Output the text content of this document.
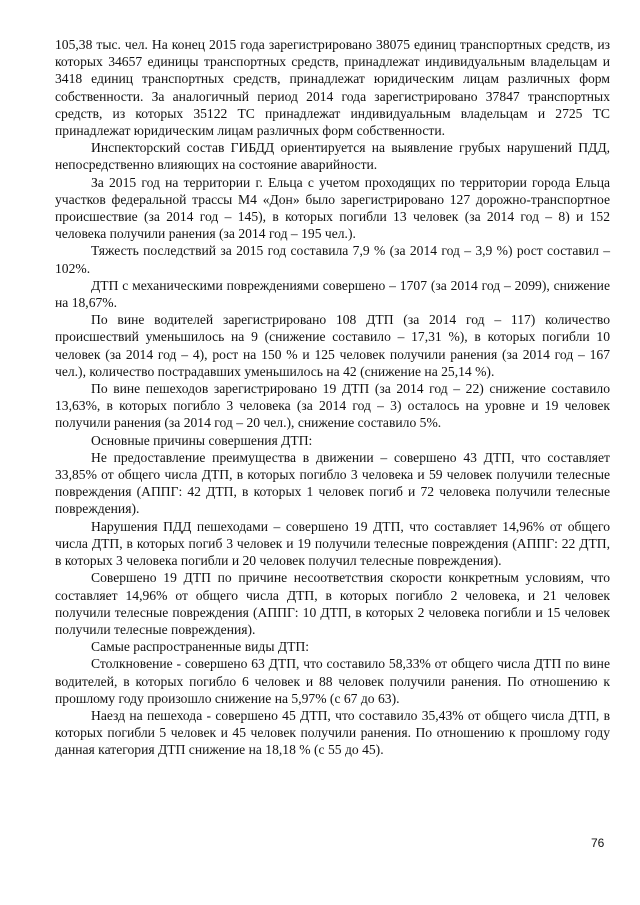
105,38 тыс. чел. На конец 2015 года зарегистрировано 38075 единиц транспортных средств, из которых 34657 единицы транспортных средств, принадлежат индивидуальным владельцам и 3418 единиц транспортных средств, принадлежат юридическим лицам различных форм собственности. За аналогичный период 2014 года зарегистрировано 37847 транспортных средств, из которых 35122 ТС принадлежат индивидуальным владельцам и 2725 ТС принадлежат юридическим лицам различных форм собственности.

Инспекторский состав ГИБДД ориентируется на выявление грубых нарушений ПДД, непосредственно влияющих на состояние аварийности.

За 2015 год на территории г. Ельца с учетом проходящих по территории города Ельца участков федеральной трассы М4 «Дон» было зарегистрировано 127 дорожно-транспортное происшествие (за 2014 год – 145), в которых погибли 13 человек (за 2014 год – 8) и 152 человека получили ранения (за 2014 год – 195 чел.).

Тяжесть последствий за 2015 год составила 7,9 % (за 2014 год – 3,9 %) рост составил – 102%.

ДТП с механическими повреждениями совершено – 1707 (за 2014 год – 2099), снижение на 18,67%.

По вине водителей зарегистрировано 108 ДТП (за 2014 год – 117) количество происшествий уменьшилось на 9 (снижение составило – 17,31 %), в которых погибли 10 человек (за 2014 год – 4), рост на 150 % и 125 человек получили ранения (за 2014 год – 167 чел.), количество пострадавших уменьшилось на 42 (снижение на 25,14 %).

По вине пешеходов зарегистрировано 19 ДТП (за 2014 год – 22) снижение составило 13,63%, в которых погибло 3 человека (за 2014 год – 3) осталось на уровне и 19 человек получили ранения (за 2014 год – 20 чел.), снижение составило 5%.

Основные причины совершения ДТП:

Не предоставление преимущества в движении – совершено 43 ДТП, что составляет 33,85% от общего числа ДТП, в которых погибло 3 человека и 59 человек получили телесные повреждения (АППГ: 42 ДТП, в которых 1 человек погиб и 72 человека получили телесные повреждения).

Нарушения ПДД пешеходами – совершено 19 ДТП, что составляет 14,96% от общего числа ДТП, в которых погиб 3 человек и 19 получили телесные повреждения (АППГ: 22 ДТП, в которых 3 человека погибли и 20 человек получил телесные повреждения).

Совершено 19 ДТП по причине несоответствия скорости конкретным условиям, что составляет 14,96% от общего числа ДТП, в которых погибло 2 человека, и 21 человек получили телесные повреждения (АППГ: 10 ДТП, в которых 2 человека погибли и 15 человек получили телесные повреждения).

Самые распространенные виды ДТП:

Столкновение - совершено 63 ДТП, что составило 58,33% от общего числа ДТП по вине водителей, в которых погибло 6 человек и 88 человек получили ранения. По отношению к прошлому году произошло снижение на 5,97% (с 67 до 63).

Наезд на пешехода - совершено 45 ДТП, что составило 35,43% от общего числа ДТП, в которых погибли 5 человек и 45 человек получили ранения. По отношению к прошлому году данная категория ДТП снижение на 18,18 % (с 55 до 45).

76
